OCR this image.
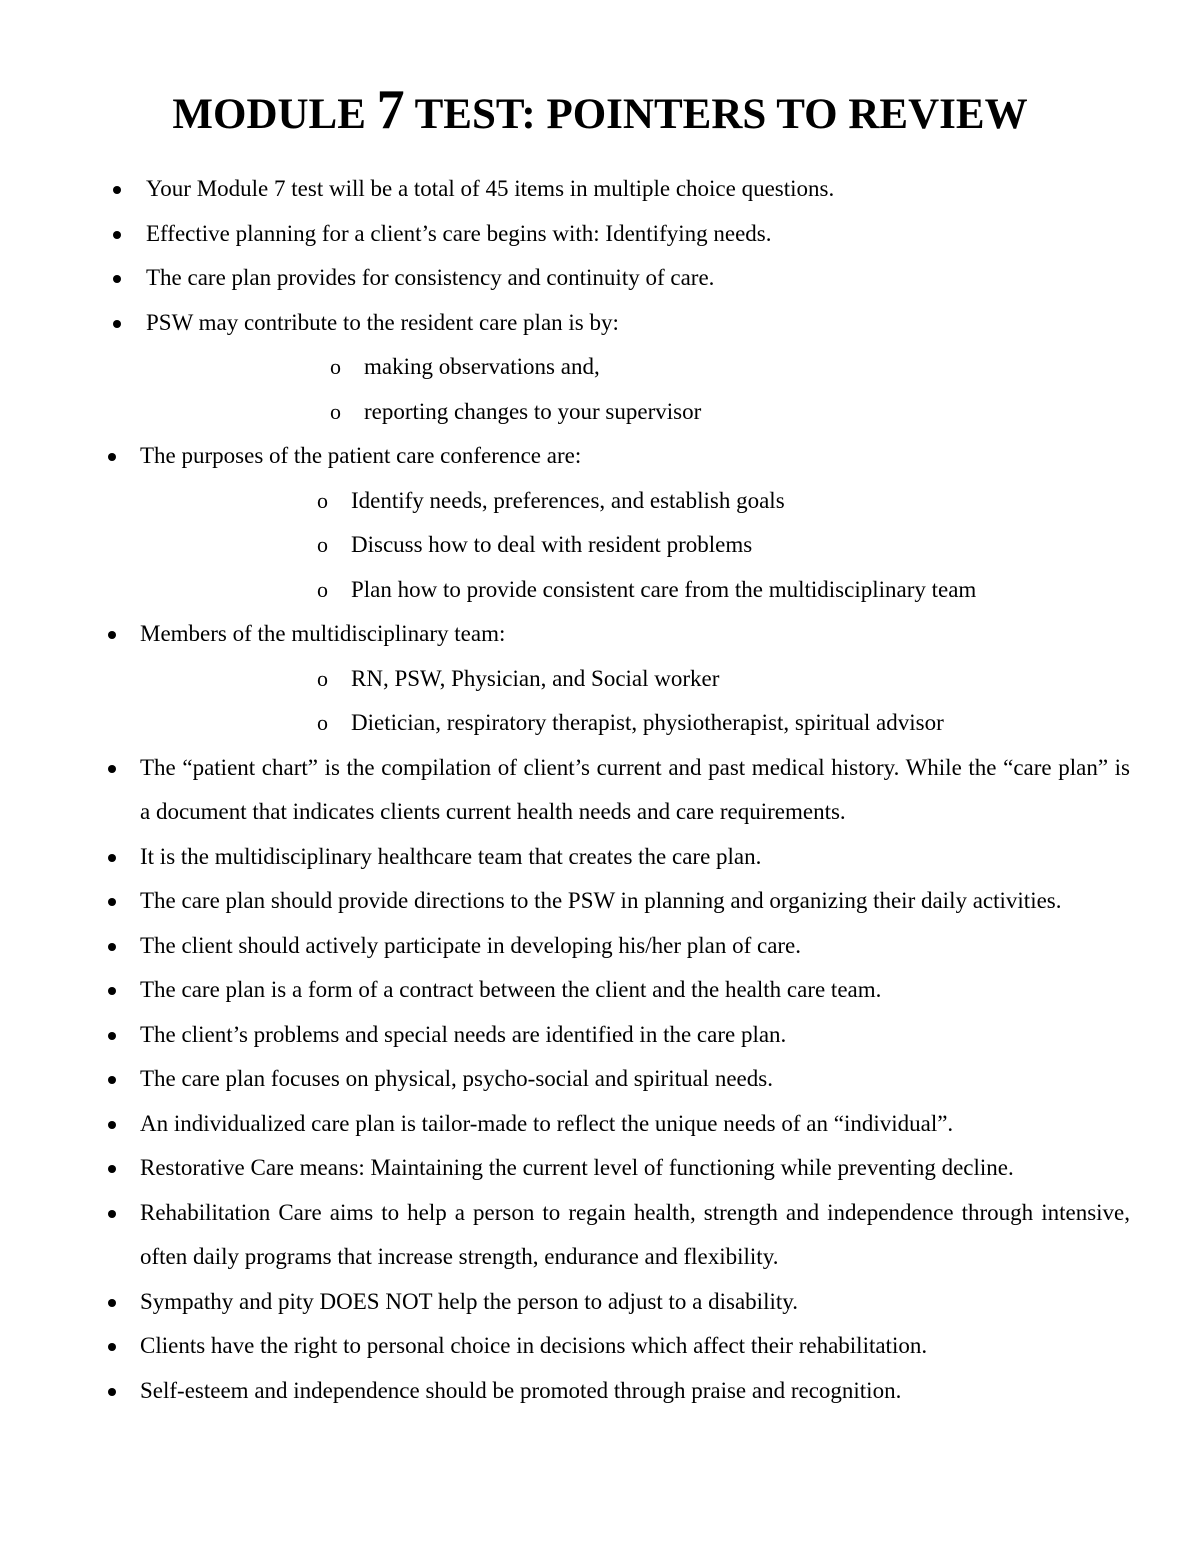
MODULE 7 TEST: POINTERS TO REVIEW
Your Module 7 test will be a total of 45 items in multiple choice questions.
Effective planning for a client’s care begins with: Identifying needs.
The care plan provides for consistency and continuity of care.
PSW may contribute to the resident care plan is by:
o making observations and,
o reporting changes to your supervisor
The purposes of the patient care conference are:
o Identify needs, preferences, and establish goals
o Discuss how to deal with resident problems
o Plan how to provide consistent care from the multidisciplinary team
Members of the multidisciplinary team:
o RN, PSW, Physician, and Social worker
o Dietician, respiratory therapist, physiotherapist, spiritual advisor
The “patient chart” is the compilation of client’s current and past medical history. While the “care plan” is a document that indicates clients current health needs and care requirements.
It is the multidisciplinary healthcare team that creates the care plan.
The care plan should provide directions to the PSW in planning and organizing their daily activities.
The client should actively participate in developing his/her plan of care.
The care plan is a form of a contract between the client and the health care team.
The client’s problems and special needs are identified in the care plan.
The care plan focuses on physical, psycho-social and spiritual needs.
An individualized care plan is tailor-made to reflect the unique needs of an “individual”.
Restorative Care means: Maintaining the current level of functioning while preventing decline.
Rehabilitation Care aims to help a person to regain health, strength and independence through intensive, often daily programs that increase strength, endurance and flexibility.
Sympathy and pity DOES NOT help the person to adjust to a disability.
Clients have the right to personal choice in decisions which affect their rehabilitation.
Self-esteem and independence should be promoted through praise and recognition.
